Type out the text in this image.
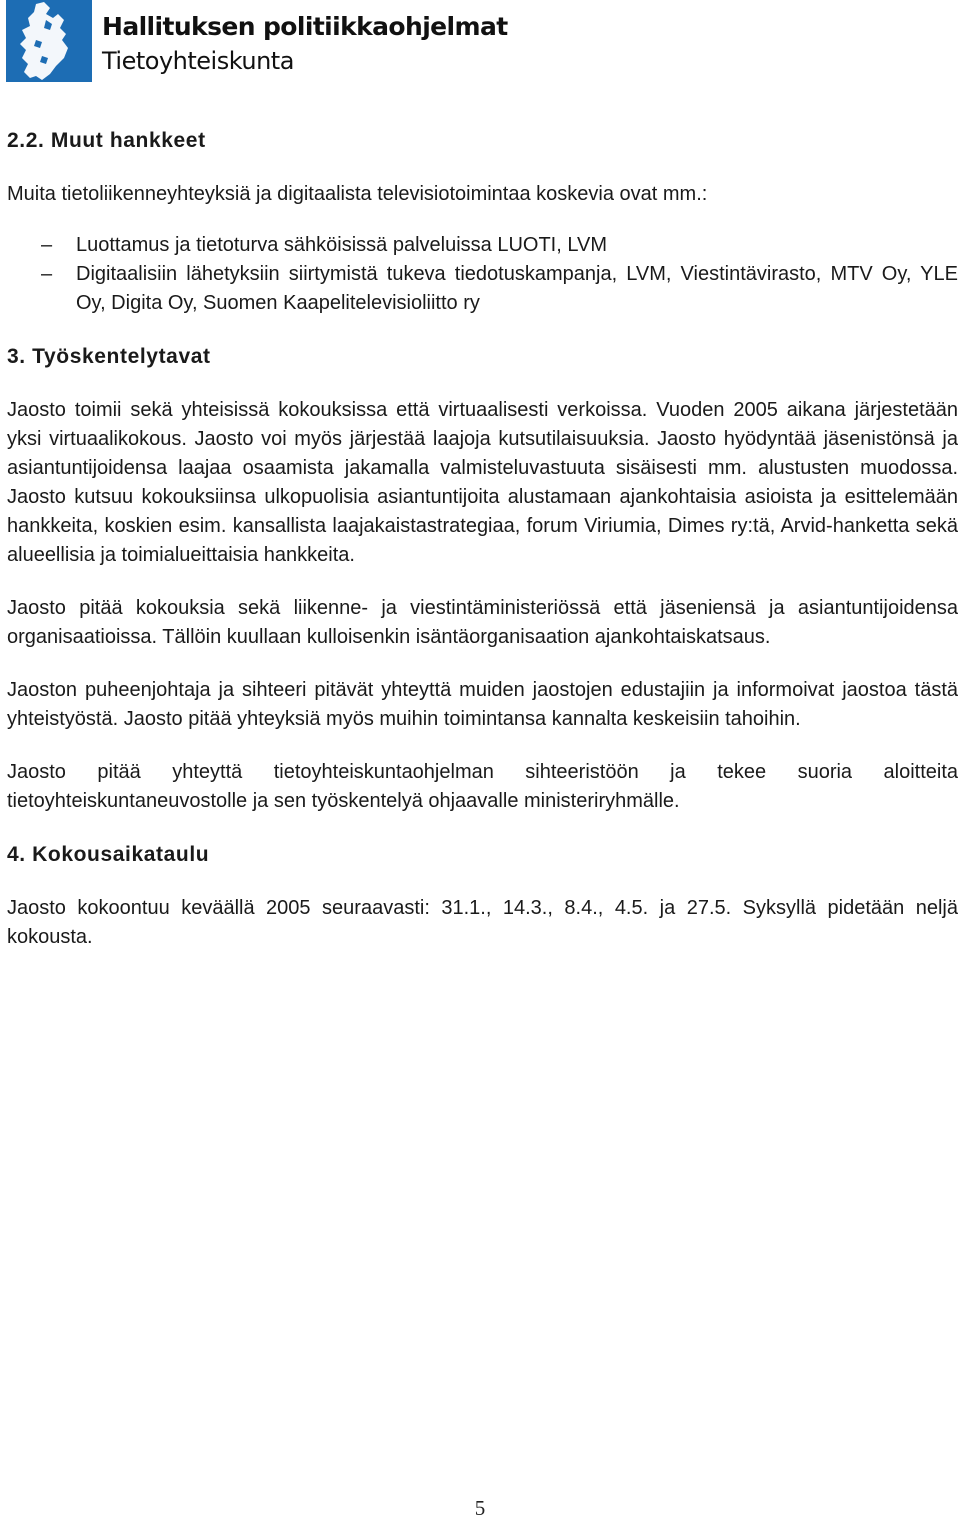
Hallituksen politiikkaohjelmat
Tietoyhteiskunta
2.2. Muut hankkeet

Muita tietoliikenneyhteyksiä ja digitaalista televisiotoimintaa koskevia ovat mm.:

– Luottamus ja tietoturva sähköisissä palveluissa LUOTI, LVM
– Digitaalisiin lähetyksiin siirtymistä tukeva tiedotuskampanja, LVM, Viestintävirasto, MTV Oy, YLE Oy, Digita Oy, Suomen Kaapelitelevisioliitto ry
3. Työskentelytavat

Jaosto toimii sekä yhteisissä kokouksissa että virtuaalisesti verkoissa. Vuoden 2005 aikana järjestetään yksi virtuaalikokous. Jaosto voi myös järjestää laajoja kutsutilaisuuksia. Jaosto hyödyntää jäsenistönsä ja asiantuntijoidensa laajaa osaamista jakamalla valmisteluvastuuta sisäisesti mm. alustusten muodossa. Jaosto kutsuu kokouksiinsa ulkopuolisia asiantuntijoita alustamaan ajankohtaisia asioista ja esittelemään hankkeita, koskien esim. kansallista laajakaistastrategiaa, forum Viriumia, Dimes ry:tä, Arvid-hanketta sekä alueellisia ja toimialueittaisia hankkeita.

Jaosto pitää kokouksia sekä liikenne- ja viestintäministeriössä että jäseniensä ja asiantuntijoidensa organisaatioissa. Tällöin kuullaan kulloisenkin isäntäorganisaation ajankohtaiskatsaus.

Jaoston puheenjohtaja ja sihteeri pitävät yhteyttä muiden jaostojen edustajiin ja informoivat jaostoa tästä yhteistyöstä. Jaosto pitää yhteyksiä myös muihin toimintansa kannalta keskeisiin tahoihin.

Jaosto pitää yhteyttä tietoyhteiskuntaohjelman sihteeristöön ja tekee suoria aloitteita tietoyhteiskuntaneuvostolle ja sen työskentelyä ohjaavalle ministeriryhmälle.

4. Kokousaikataulu

Jaosto kokoontuu keväällä 2005 seuraavasti: 31.1., 14.3., 8.4., 4.5. ja 27.5. Syksyllä pidetään neljä kokousta.

5
